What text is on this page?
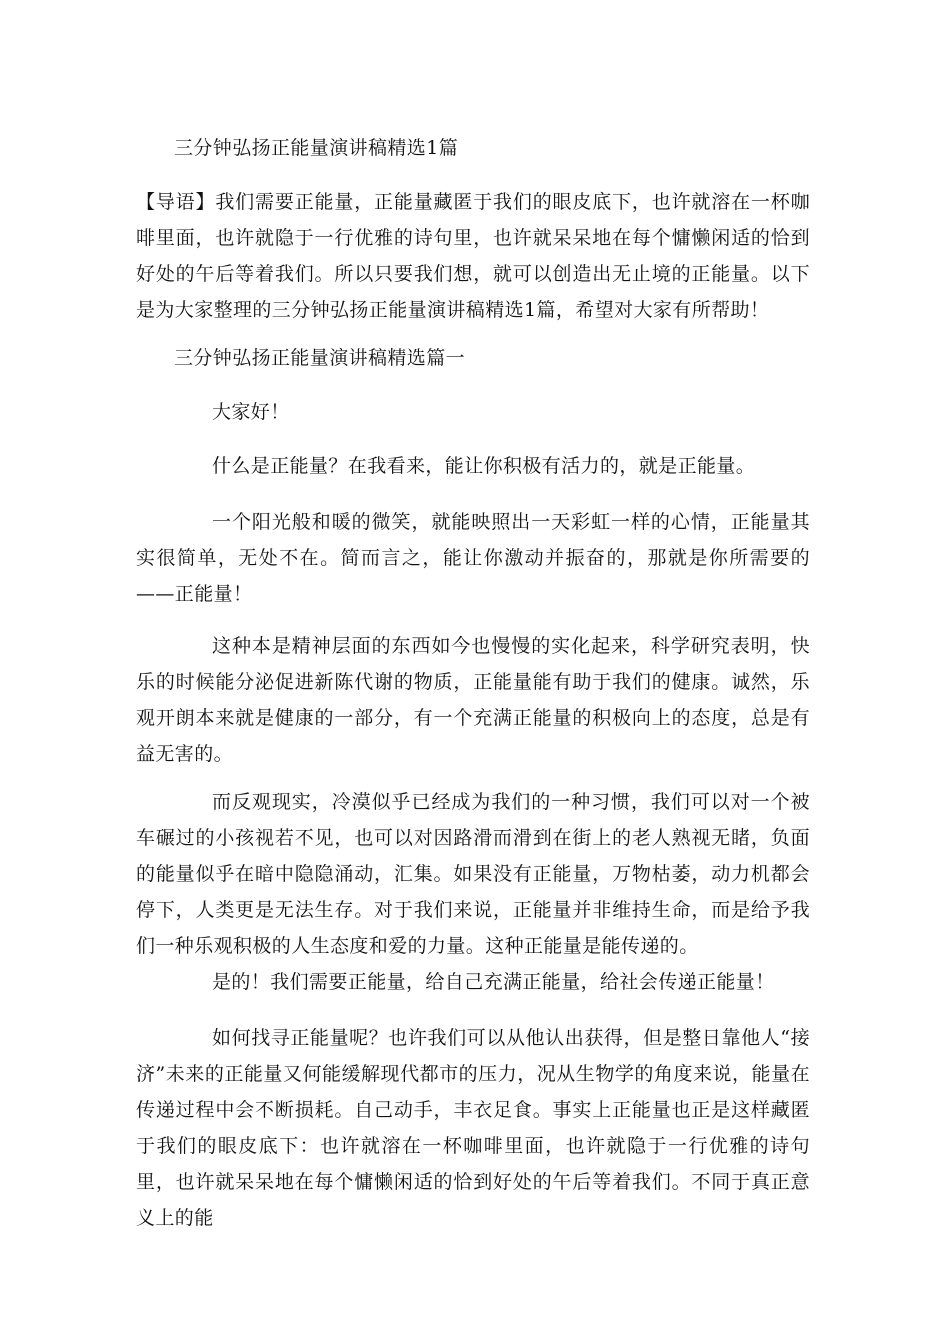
三分钟弘扬正能量演讲稿精选1篇

【导语】我们需要正能量，正能量藏匿于我们的眼皮底下，也许就溶在一杯咖啡里面，也许就隐于一行优雅的诗句里，也许就呆呆地在每个慵懒闲适的恰到好处的午后等着我们。所以只要我们想，就可以创造出无止境的正能量。以下是为大家整理的三分钟弘扬正能量演讲稿精选1篇，希望对大家有所帮助！

三分钟弘扬正能量演讲稿精选篇一

大家好！

什么是正能量？在我看来，能让你积极有活力的，就是正能量。

一个阳光般和暖的微笑，就能映照出一天彩虹一样的心情，正能量其实很简单，无处不在。简而言之，能让你激动并振奋的，那就是你所需要的——正能量！

这种本是精神层面的东西如今也慢慢的实化起来，科学研究表明，快乐的时候能分泌促进新陈代谢的物质，正能量能有助于我们的健康。诚然，乐观开朗本来就是健康的一部分，有一个充满正能量的积极向上的态度，总是有益无害的。

而反观现实，冷漠似乎已经成为我们的一种习惯，我们可以对一个被车碾过的小孩视若不见，也可以对因路滑而滑到在街上的老人熟视无睹，负面的能量似乎在暗中隐隐涌动，汇集。如果没有正能量，万物枯萎，动力机都会停下，人类更是无法生存。对于我们来说，正能量并非维持生命，而是给予我们一种乐观积极的人生态度和爱的力量。这种正能量是能传递的。

是的！我们需要正能量，给自己充满正能量，给社会传递正能量！

如何找寻正能量呢？也许我们可以从他认出获得，但是整日靠他人“接济”未来的正能量又何能缓解现代都市的压力，况从生物学的角度来说，能量在传递过程中会不断损耗。自己动手，丰衣足食。事实上正能量也正是这样藏匿于我们的眼皮底下：也许就溶在一杯咖啡里面，也许就隐于一行优雅的诗句里，也许就呆呆地在每个慵懒闲适的恰到好处的午后等着我们。不同于真正意义上的能
